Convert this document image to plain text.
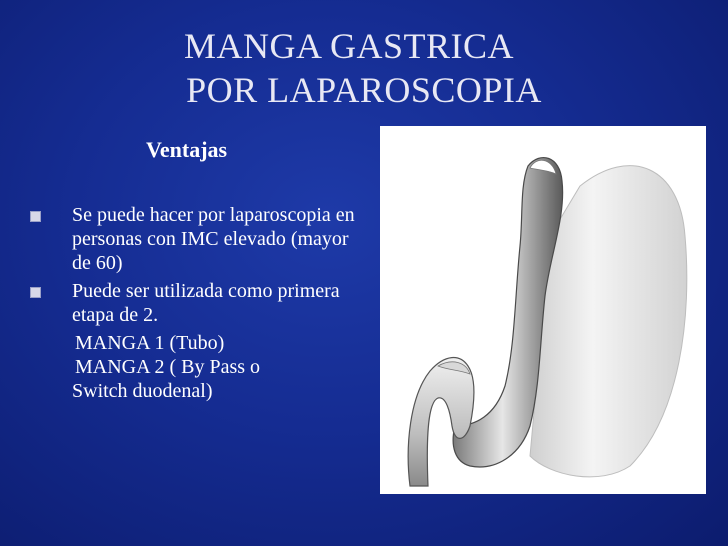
MANGA GASTRICA
POR LAPAROSCOPIA
Ventajas
Se puede hacer por laparoscopia en personas con IMC elevado (mayor de 60)
Puede ser utilizada como primera etapa de 2.
MANGA 1 (Tubo)
MANGA 2 ( By Pass o
Switch duodenal)
